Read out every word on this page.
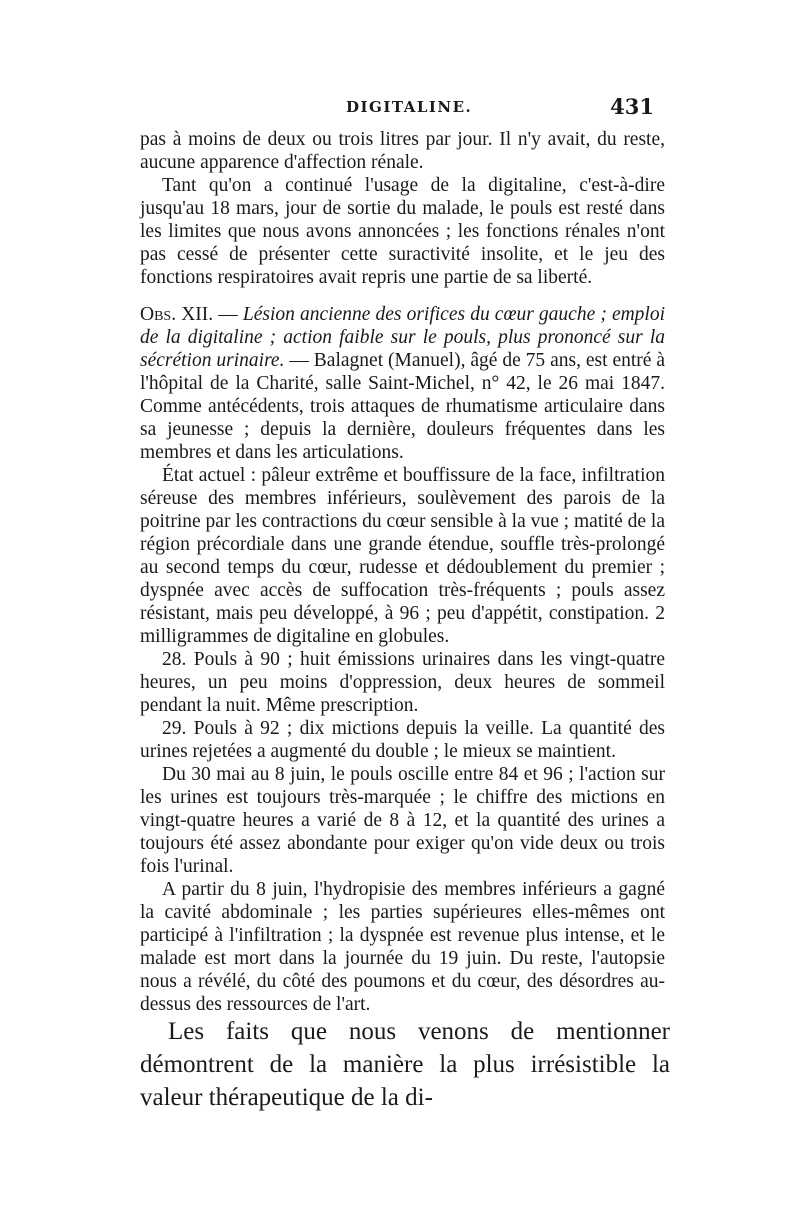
DIGITALINE.	431

pas à moins de deux ou trois litres par jour. Il n'y avait, du reste, aucune apparence d'affection rénale.

Tant qu'on a continué l'usage de la digitaline, c'est-à-dire jusqu'au 18 mars, jour de sortie du malade, le pouls est resté dans les limites que nous avons annoncées ; les fonctions rénales n'ont pas cessé de présenter cette suractivité insolite, et le jeu des fonctions respiratoires avait repris une partie de sa liberté.

Obs. XII. — Lésion ancienne des orifices du cœur gauche ; emploi de la digitaline ; action faible sur le pouls, plus prononcé sur la sécrétion urinaire. — Balagnet (Manuel), âgé de 75 ans, est entré à l'hôpital de la Charité, salle Saint-Michel, n° 42, le 26 mai 1847. Comme antécédents, trois attaques de rhumatisme articulaire dans sa jeunesse ; depuis la dernière, douleurs fréquentes dans les membres et dans les articulations.

État actuel : pâleur extrême et bouffissure de la face, infiltration séreuse des membres inférieurs, soulèvement des parois de la poitrine par les contractions du cœur sensible à la vue ; matité de la région précordiale dans une grande étendue, souffle très-prolongé au second temps du cœur, rudesse et dédoublement du premier ; dyspnée avec accès de suffocation très-fréquents ; pouls assez résistant, mais peu développé, à 96 ; peu d'appétit, constipation. 2 milligrammes de digitaline en globules.

28. Pouls à 90 ; huit émissions urinaires dans les vingt-quatre heures, un peu moins d'oppression, deux heures de sommeil pendant la nuit. Même prescription.

29. Pouls à 92 ; dix mictions depuis la veille. La quantité des urines rejetées a augmenté du double ; le mieux se maintient.

Du 30 mai au 8 juin, le pouls oscille entre 84 et 96 ; l'action sur les urines est toujours très-marquée ; le chiffre des mictions en vingt-quatre heures a varié de 8 à 12, et la quantité des urines a toujours été assez abondante pour exiger qu'on vide deux ou trois fois l'urinal.

A partir du 8 juin, l'hydropisie des membres inférieurs a gagné la cavité abdominale ; les parties supérieures elles-mêmes ont participé à l'infiltration ; la dyspnée est revenue plus intense, et le malade est mort dans la journée du 19 juin. Du reste, l'autopsie nous a révélé, du côté des poumons et du cœur, des désordres au-dessus des ressources de l'art.

Les faits que nous venons de mentionner démontrent de la manière la plus irrésistible la valeur thérapeutique de la di-
